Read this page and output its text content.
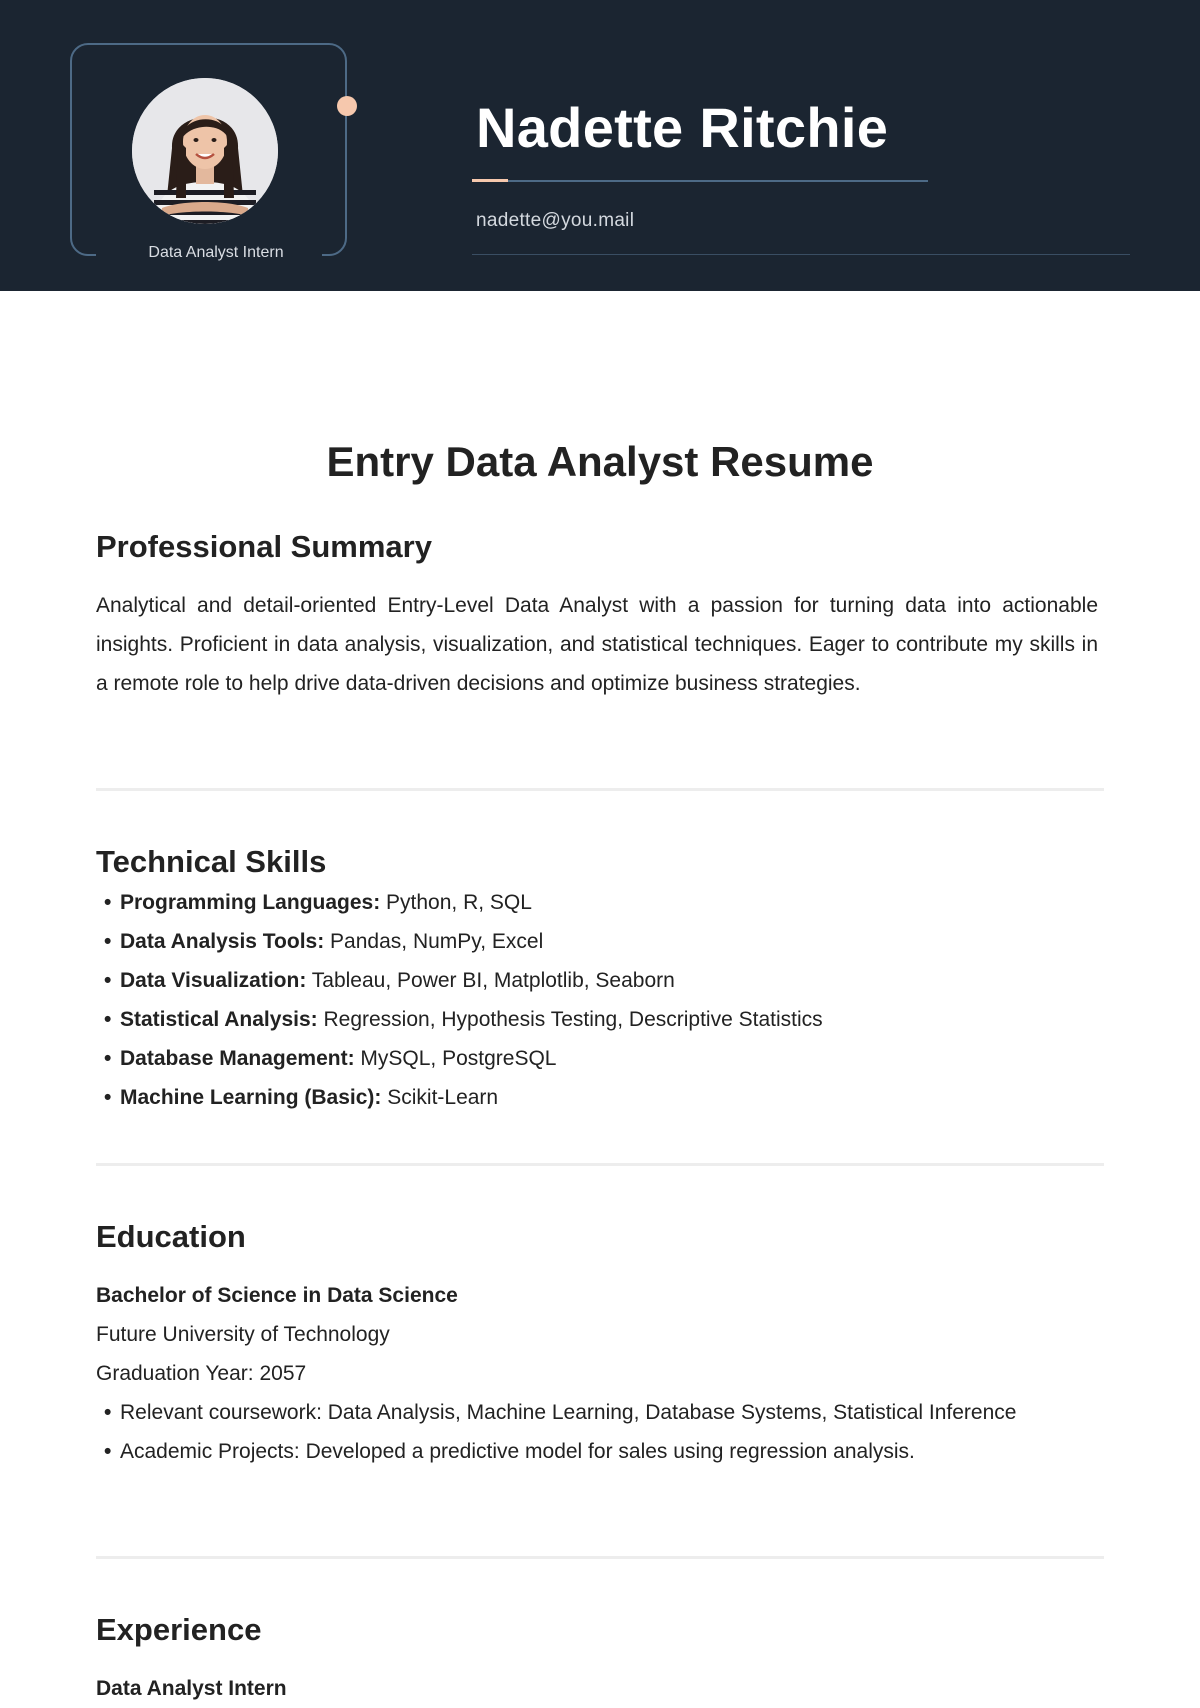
Data Analyst Intern
Nadette Ritchie
nadette@you.mail
Entry Data Analyst Resume
Professional Summary

Analytical and detail-oriented Entry-Level Data Analyst with a passion for turning data into actionable insights. Proficient in data analysis, visualization, and statistical techniques. Eager to contribute my skills in a remote role to help drive data-driven decisions and optimize business strategies.

Technical Skills
• Programming Languages: Python, R, SQL
• Data Analysis Tools: Pandas, NumPy, Excel
• Data Visualization: Tableau, Power BI, Matplotlib, Seaborn
• Statistical Analysis: Regression, Hypothesis Testing, Descriptive Statistics
• Database Management: MySQL, PostgreSQL
• Machine Learning (Basic): Scikit-Learn
Education
Bachelor of Science in Data Science
Future University of Technology
Graduation Year: 2057
• Relevant coursework: Data Analysis, Machine Learning, Database Systems, Statistical Inference
• Academic Projects: Developed a predictive model for sales using regression analysis.
Experience
Data Analyst Intern
